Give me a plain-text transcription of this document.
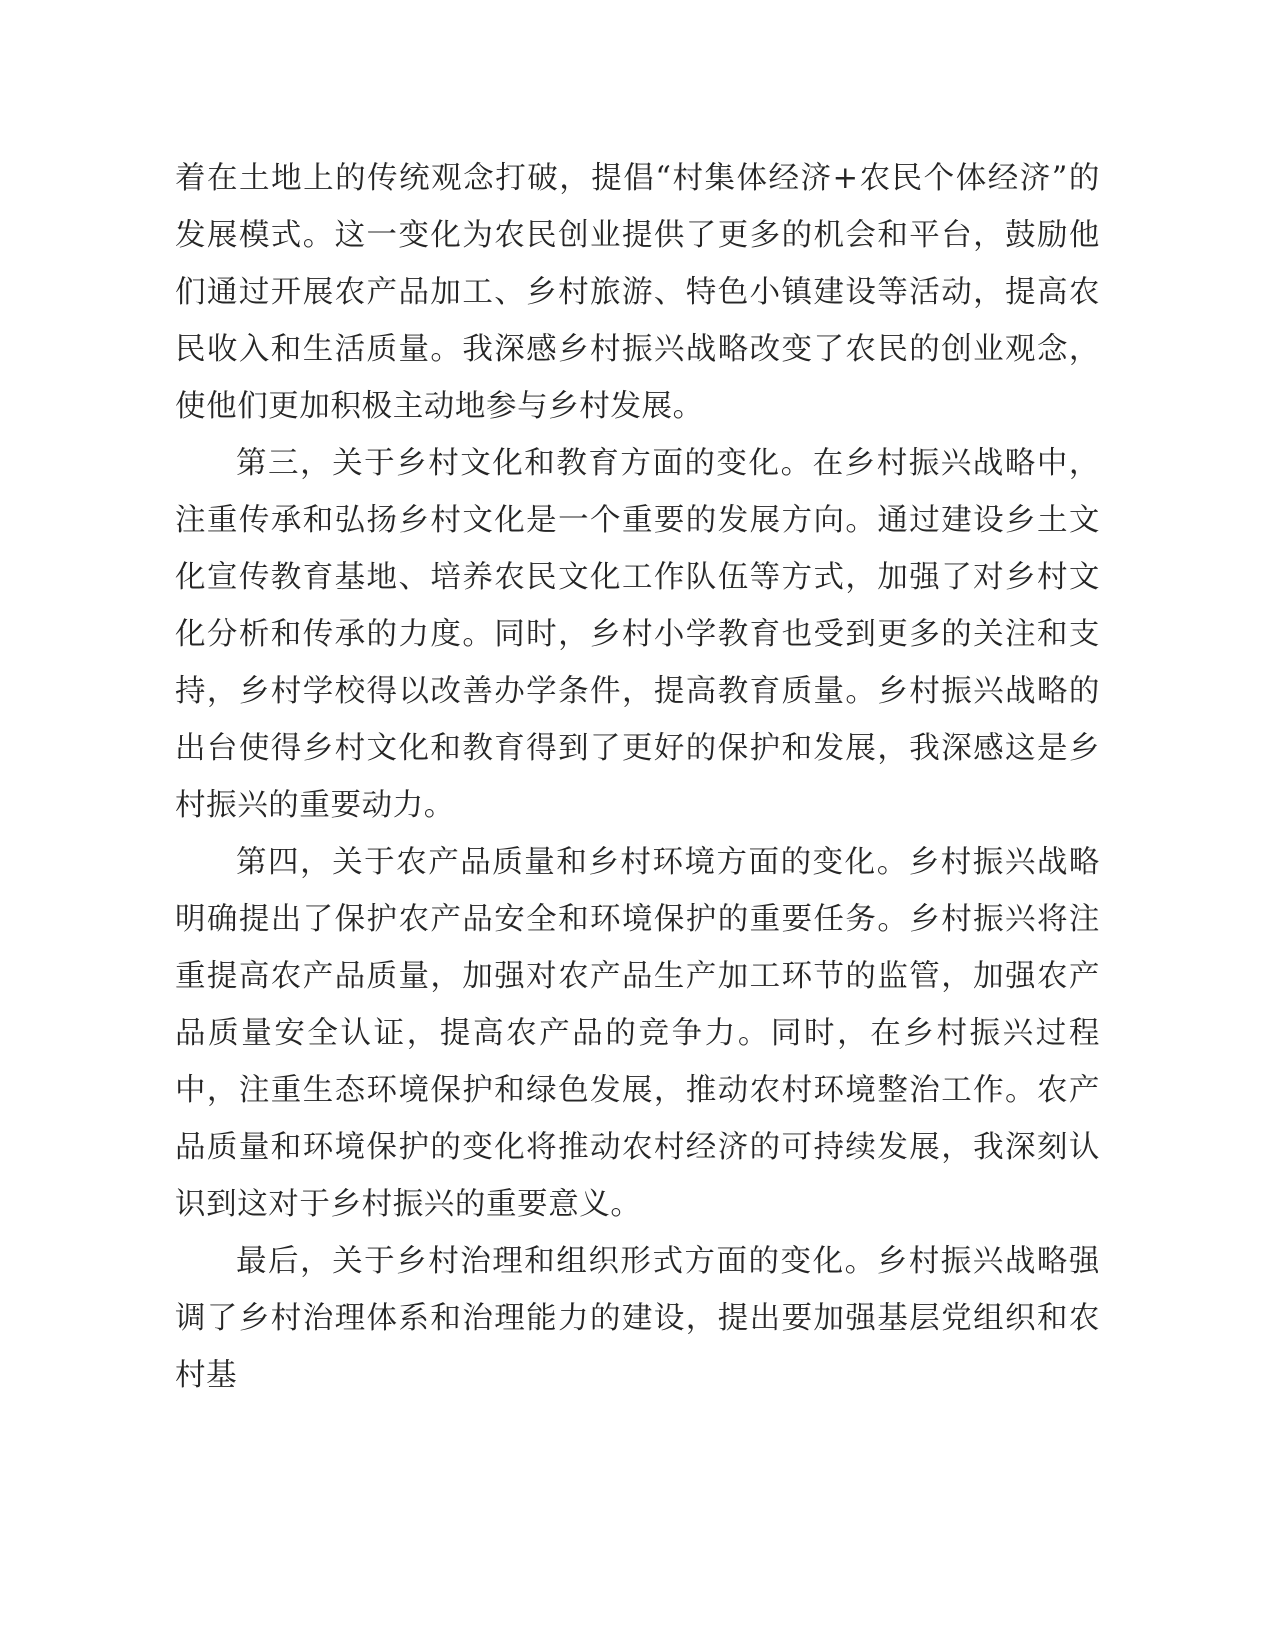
着在土地上的传统观念打破，提倡“村集体经济+农民个体经济”的发展模式。这一变化为农民创业提供了更多的机会和平台，鼓励他们通过开展农产品加工、乡村旅游、特色小镇建设等活动，提高农民收入和生活质量。我深感乡村振兴战略改变了农民的创业观念，使他们更加积极主动地参与乡村发展。

第三，关于乡村文化和教育方面的变化。在乡村振兴战略中，注重传承和弘扬乡村文化是一个重要的发展方向。通过建设乡土文化宣传教育基地、培养农民文化工作队伍等方式，加强了对乡村文化分析和传承的力度。同时，乡村小学教育也受到更多的关注和支持，乡村学校得以改善办学条件，提高教育质量。乡村振兴战略的出台使得乡村文化和教育得到了更好的保护和发展，我深感这是乡村振兴的重要动力。

第四，关于农产品质量和乡村环境方面的变化。乡村振兴战略明确提出了保护农产品安全和环境保护的重要任务。乡村振兴将注重提高农产品质量，加强对农产品生产加工环节的监管，加强农产品质量安全认证，提高农产品的竞争力。同时，在乡村振兴过程中，注重生态环境保护和绿色发展，推动农村环境整治工作。农产品质量和环境保护的变化将推动农村经济的可持续发展，我深刻认识到这对于乡村振兴的重要意义。

最后，关于乡村治理和组织形式方面的变化。乡村振兴战略强调了乡村治理体系和治理能力的建设，提出要加强基层党组织和农村基
